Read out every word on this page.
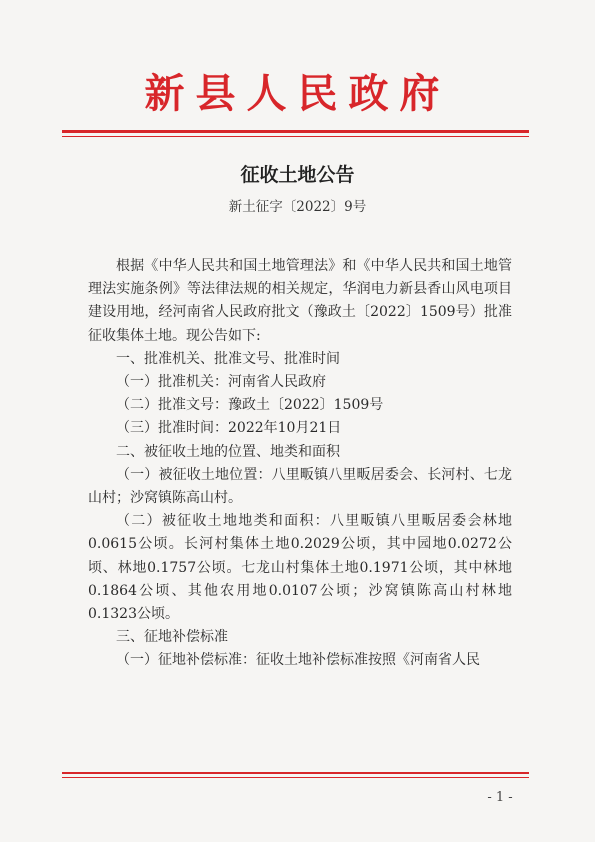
新县人民政府
征收土地公告
新土征字〔2022〕9号

根据《中华人民共和国土地管理法》和《中华人民共和国土地管理法实施条例》等法律法规的相关规定，华润电力新县香山风电项目建设用地，经河南省人民政府批文（豫政土〔2022〕1509号）批准征收集体土地。现公告如下:

一、批准机关、批准文号、批准时间

（一）批准机关：河南省人民政府

（二）批准文号：豫政土〔2022〕1509号

（三）批准时间：2022年10月21日

二、被征收土地的位置、地类和面积

（一）被征收土地位置：八里畈镇八里畈居委会、长河村、七龙山村；沙窝镇陈高山村。

（二）被征收土地地类和面积：八里畈镇八里畈居委会林地0.0615公顷。长河村集体土地0.2029公顷，其中园地0.0272公顷、林地0.1757公顷。七龙山村集体土地0.1971公顷，其中林地0.1864公顷、其他农用地0.0107公顷；沙窝镇陈高山村林地0.1323公顷。

三、征地补偿标准

（一）征地补偿标准：征收土地补偿标准按照《河南省人民

- 1 -
